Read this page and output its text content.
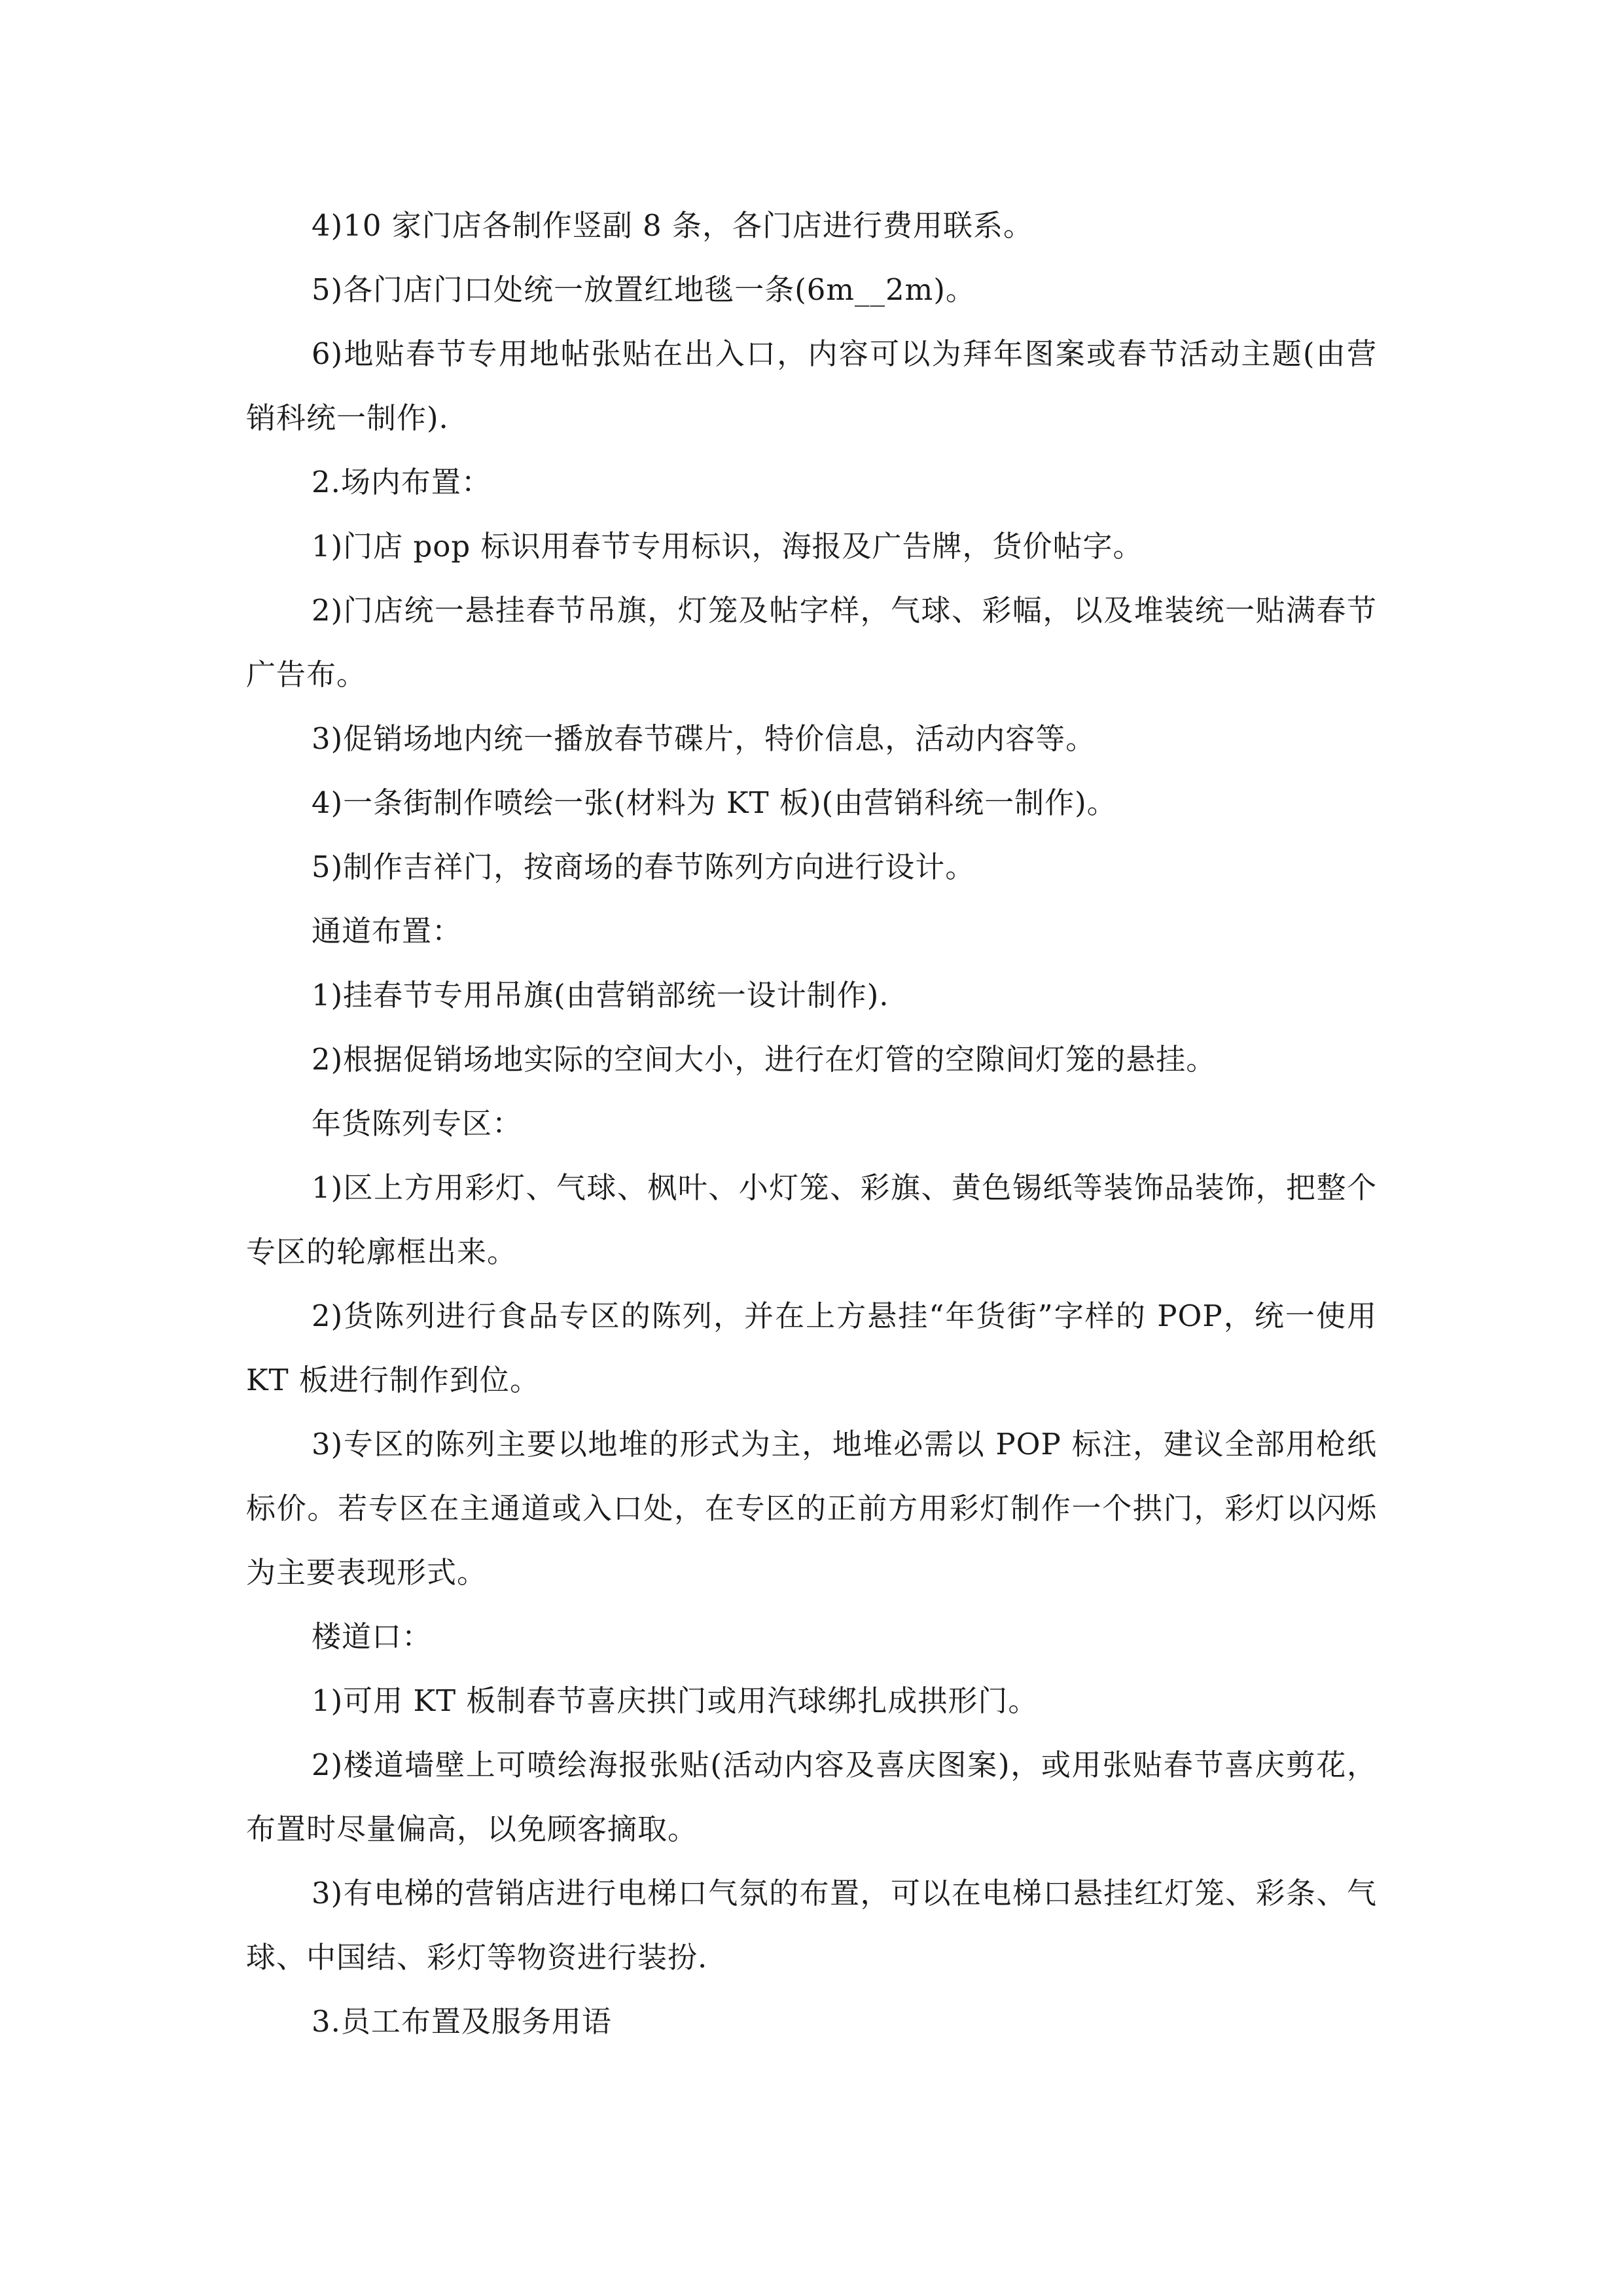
4)10 家门店各制作竖副 8 条，各门店进行费用联系。

5)各门店门口处统一放置红地毯一条(6m__2m)。

6)地贴春节专用地帖张贴在出入口，内容可以为拜年图案或春节活动主题(由营销科统一制作).

2.场内布置：

1)门店 pop 标识用春节专用标识，海报及广告牌，货价帖字。

2)门店统一悬挂春节吊旗，灯笼及帖字样，气球、彩幅，以及堆装统一贴满春节广告布。

3)促销场地内统一播放春节碟片，特价信息，活动内容等。

4)一条街制作喷绘一张(材料为 KT 板)(由营销科统一制作)。

5)制作吉祥门，按商场的春节陈列方向进行设计。

通道布置：

1)挂春节专用吊旗(由营销部统一设计制作).

2)根据促销场地实际的空间大小，进行在灯管的空隙间灯笼的悬挂。

年货陈列专区：

1)区上方用彩灯、气球、枫叶、小灯笼、彩旗、黄色锡纸等装饰品装饰，把整个专区的轮廓框出来。

2)货陈列进行食品专区的陈列，并在上方悬挂“年货街”字样的 POP，统一使用 KT 板进行制作到位。

3)专区的陈列主要以地堆的形式为主，地堆必需以 POP 标注，建议全部用枪纸标价。若专区在主通道或入口处，在专区的正前方用彩灯制作一个拱门，彩灯以闪烁为主要表现形式。

楼道口：

1)可用 KT 板制春节喜庆拱门或用汽球绑扎成拱形门。

2)楼道墙壁上可喷绘海报张贴(活动内容及喜庆图案)，或用张贴春节喜庆剪花，布置时尽量偏高，以免顾客摘取。

3)有电梯的营销店进行电梯口气氛的布置，可以在电梯口悬挂红灯笼、彩条、气球、中国结、彩灯等物资进行装扮.

3.员工布置及服务用语
